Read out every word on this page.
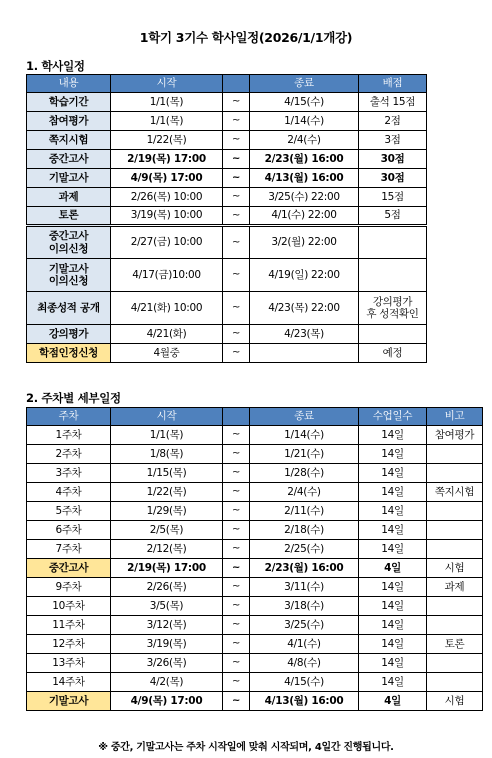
1학기 3기수 학사일정(2026/1/1개강)
1. 학사일정
내용	시작		종료	배점
학습기간	1/1(목)	~	4/15(수)	출석 15점
참여평가	1/1(목)	~	1/14(수)	2점
쪽지시험	1/22(목)	~	2/4(수)	3점
중간고사	2/19(목) 17:00	~	2/23(월) 16:00	30점
기말고사	4/9(목) 17:00	~	4/13(월) 16:00	30점
과제	2/26(목) 10:00	~	3/25(수) 22:00	15점
토론	3/19(목) 10:00	~	4/1(수) 22:00	5점
중간고사
이의신청	2/27(금) 10:00	~	3/2(월) 22:00	
기말고사
이의신청	4/17(금)10:00	~	4/19(일) 22:00	
최종성적 공개	4/21(화) 10:00	~	4/23(목) 22:00	강의평가
후 성적확인
강의평가	4/21(화)	~	4/23(목)	
학점인정신청	4월중	~		예정
2. 주차별 세부일정
주차	시작		종료	수업일수	비고
1주차	1/1(목)	~	1/14(수)	14일	참여평가
2주차	1/8(목)	~	1/21(수)	14일	
3주차	1/15(목)	~	1/28(수)	14일	
4주차	1/22(목)	~	2/4(수)	14일	쪽지시험
5주차	1/29(목)	~	2/11(수)	14일	
6주차	2/5(목)	~	2/18(수)	14일	
7주차	2/12(목)	~	2/25(수)	14일	
중간고사	2/19(목) 17:00	~	2/23(월) 16:00	4일	시험
9주차	2/26(목)	~	3/11(수)	14일	과제
10주차	3/5(목)	~	3/18(수)	14일	
11주차	3/12(목)	~	3/25(수)	14일	
12주차	3/19(목)	~	4/1(수)	14일	토론
13주차	3/26(목)	~	4/8(수)	14일	
14주차	4/2(목)	~	4/15(수)	14일	
기말고사	4/9(목) 17:00	~	4/13(월) 16:00	4일	시험
※ 중간, 기말고사는 주차 시작일에 맞춰 시작되며, 4일간 진행됩니다.
